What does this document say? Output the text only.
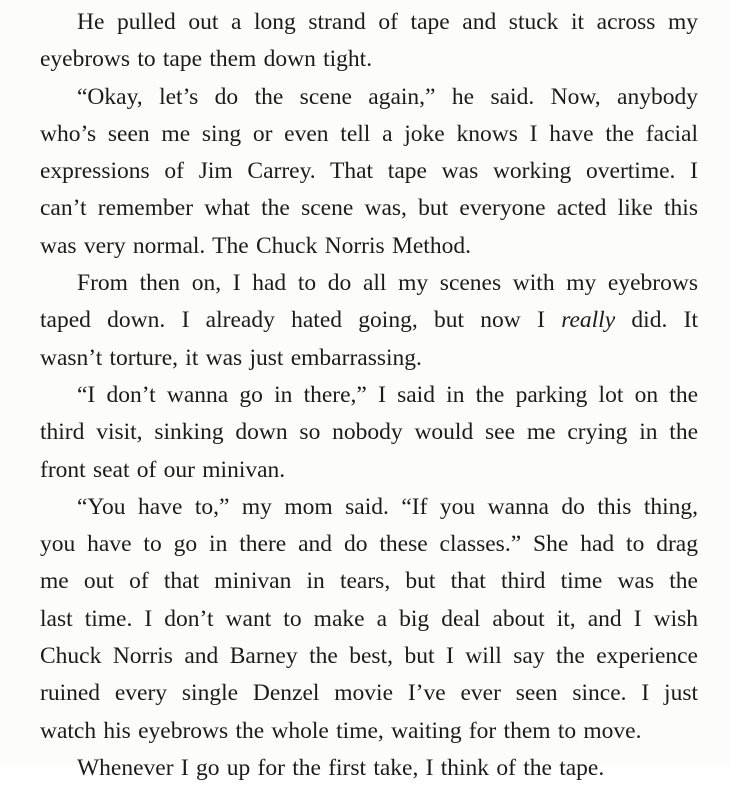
He pulled out a long strand of tape and stuck it across my
eyebrows to tape them down tight.
“Okay, let’s do the scene again,” he said. Now, anybody
who’s seen me sing or even tell a joke knows I have the facial
expressions of Jim Carrey. That tape was working overtime. I
can’t remember what the scene was, but everyone acted like this
was very normal. The Chuck Norris Method.
From then on, I had to do all my scenes with my eyebrows
taped down. I already hated going, but now I really did. It
wasn’t torture, it was just embarrassing.
“I don’t wanna go in there,” I said in the parking lot on the
third visit, sinking down so nobody would see me crying in the
front seat of our minivan.
“You have to,” my mom said. “If you wanna do this thing,
you have to go in there and do these classes.” She had to drag
me out of that minivan in tears, but that third time was the
last time. I don’t want to make a big deal about it, and I wish
Chuck Norris and Barney the best, but I will say the experience
ruined every single Denzel movie I’ve ever seen since. I just
watch his eyebrows the whole time, waiting for them to move.
Whenever I go up for the first take, I think of the tape.
